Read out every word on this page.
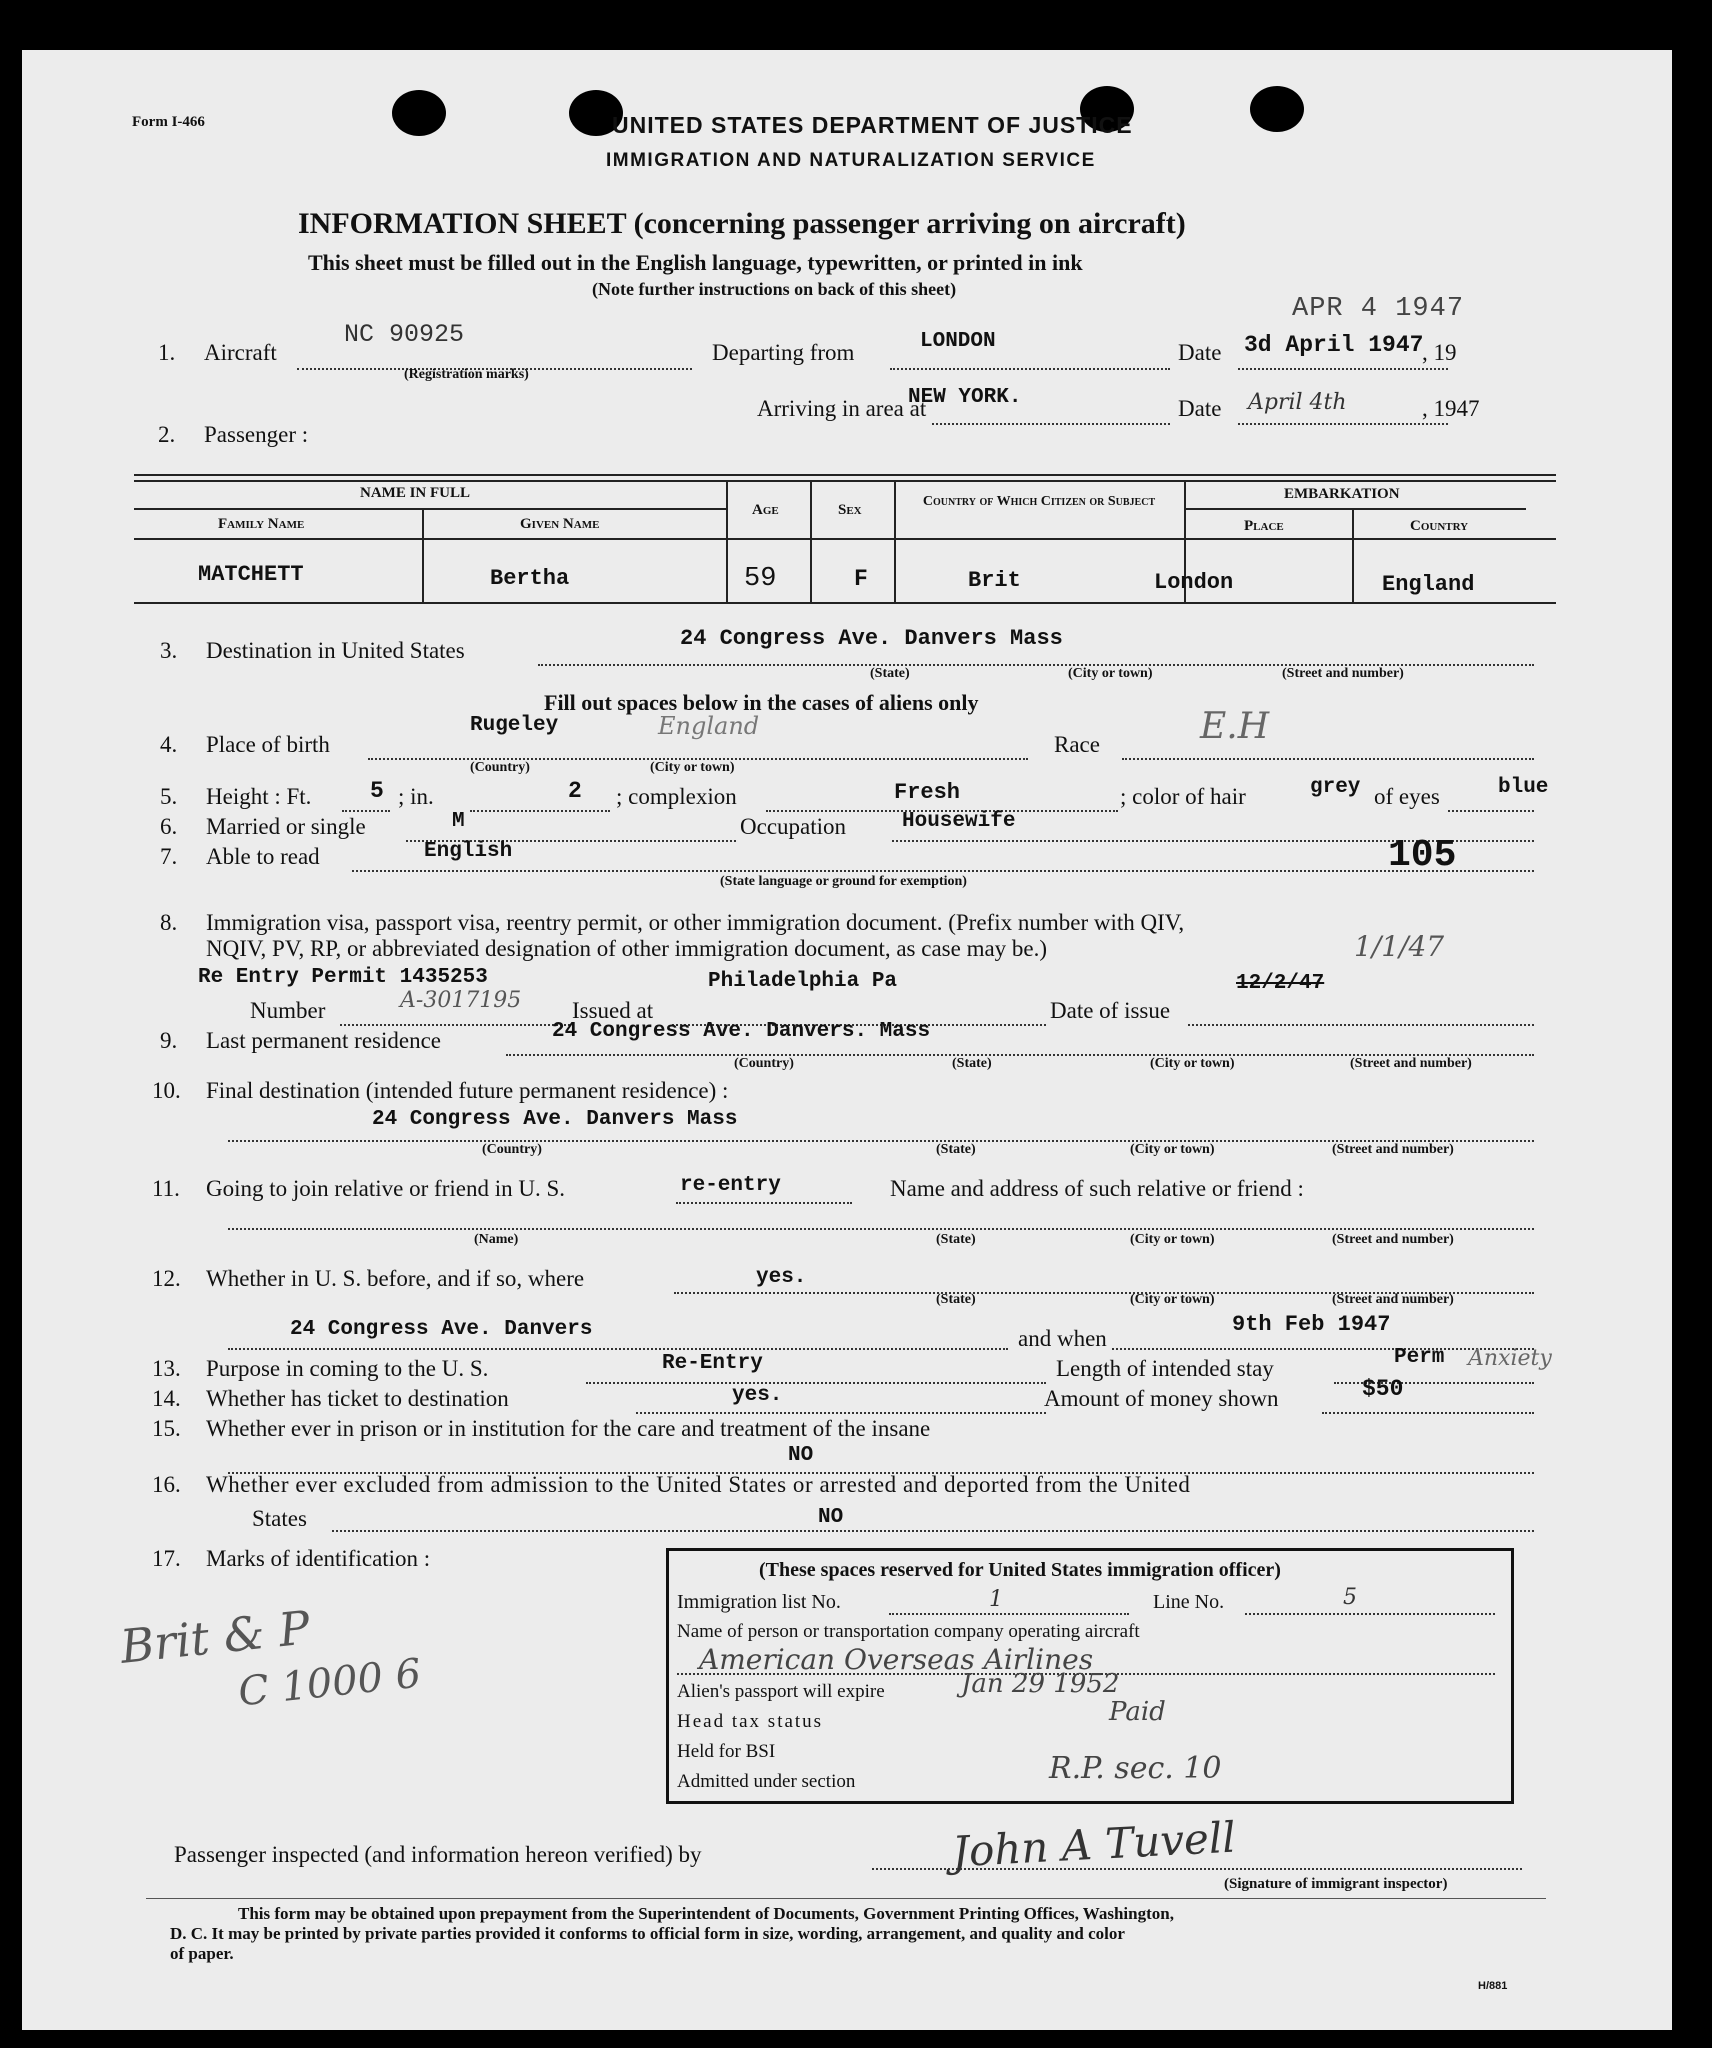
Form I-466	UNITED STATES DEPARTMENT OF JUSTICE
IMMIGRATION AND NATURALIZATION SERVICE
INFORMATION SHEET (concerning passenger arriving on aircraft)
This sheet must be filled out in the English language, typewritten, or printed in ink
(Note further instructions on back of this sheet)
APR 4 1947
1. Aircraft
NC 90925
(Registration marks)
Departing from	LONDON	Date 3d April 1947
, 19
Arriving in area at
NEW YORK.	Date April 4th	, 1947
2. Passenger :
NAME IN FULL	EMBARKATION
Family Name	Given Name
Age	Sex
Country of Which Citizen or Subject
Place	Country
MATCHETT	Bertha	59	F	Brit	London	England
3. Destination in United States	24 Congress Ave. Danvers Mass
(State)	(City or town)	(Street and number)
Fill out spaces below in the cases of aliens only
4. Place of birth
Rugeley	England
(Country)	(City or town)
Race	E.H
5. Height : Ft.	5 ; in.	2 ; complexion	Fresh	; color of hair	grey of eyes	blue
6. Married or single	M	Occupation	Housewife
7. Able to read	English	105
(State language or ground for exemption)
8. Immigration visa, passport visa, reentry permit, or other immigration document. (Prefix number with QIV,
NQIV, PV, RP, or abbreviated designation of other immigration document, as case may be.)	1/1/47
Re Entry Permit 1435253	Philadelphia Pa	12/2/47
Number	A-3017195 Issued at	Date of issue
9. Last permanent residence	24 Congress Ave. Danvers. Mass
(Country)	(State)	(City or town)	(Street and number)
10. Final destination (intended future permanent residence) :
24 Congress Ave. Danvers Mass
(Country)	(State)	(City or town)	(Street and number)
11. Going to join relative or friend in U. S.	re-entry	Name and address of such relative or friend :
(Name)	(State)	(City or town)	(Street and number)
12. Whether in U. S. before, and if so, where	yes.
(State)	(City or town)	(Street and number)
24 Congress Ave. Danvers	and when
9th Feb 1947
13. Purpose in coming to the U. S.	Re-Entry	Length of intended stay	Perm Anxiety
14. Whether has ticket to destination	yes.	Amount of money shown	$50
15. Whether ever in prison or in institution for the care and treatment of the insane
NO
16. Whether ever excluded from admission to the United States or arrested and deported from the United
States	NO
17. Marks of identification :
Brit & P
C 1000 6
(These spaces reserved for United States immigration officer)
Immigration list No.	1	Line No.	5
Name of person or transportation company operating aircraft
American Overseas Airlines
Alien's passport will expire	Jan 29 1952
Head tax status	Paid
Held for BSI
Admitted under section	R.P. sec. 10
Passenger inspected (and information hereon verified) by	John A Tuvell
(Signature of immigrant inspector)
This form may be obtained upon prepayment from the Superintendent of Documents, Government Printing Offices, Washington,
D. C. It may be printed by private parties provided it conforms to official form in size, wording, arrangement, and quality and color
of paper.
H/881
